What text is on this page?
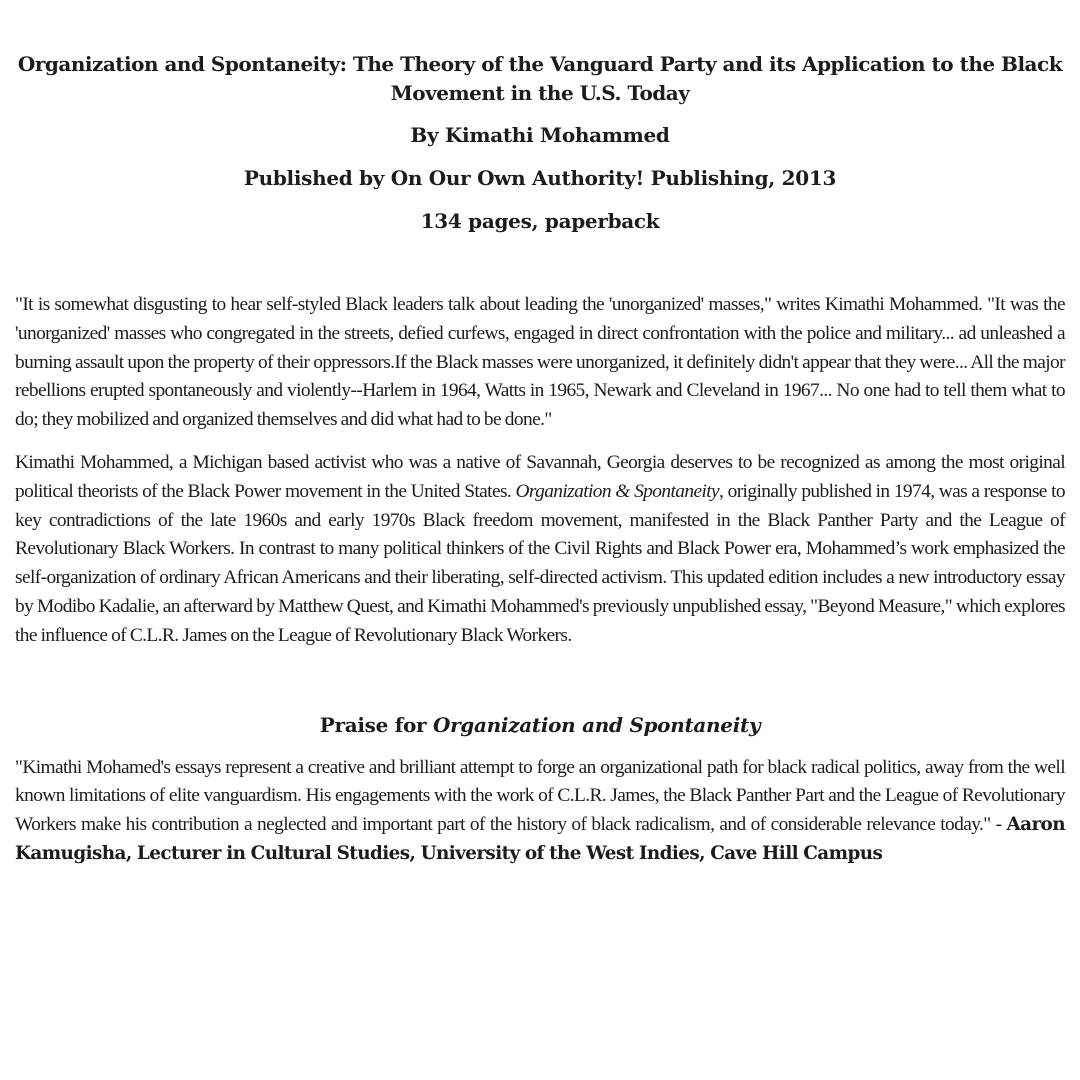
Organization and Spontaneity: The Theory of the Vanguard Party and its Application to the Black Movement in the U.S. Today

By Kimathi Mohammed

Published by On Our Own Authority! Publishing, 2013

134 pages, paperback

"It is somewhat disgusting to hear self-styled Black leaders talk about leading the 'unorganized' masses," writes Kimathi Mohammed. "It was the 'unorganized' masses who congregated in the streets, defied curfews, engaged in direct confrontation with the police and military... ad unleashed a burning assault upon the property of their oppressors.If the Black masses were unorganized, it definitely didn't appear that they were... All the major rebellions erupted spontaneously and violently--Harlem in 1964, Watts in 1965, Newark and Cleveland in 1967... No one had to tell them what to do; they mobilized and organized themselves and did what had to be done."

Kimathi Mohammed, a Michigan based activist who was a native of Savannah, Georgia deserves to be recognized as among the most original political theorists of the Black Power movement in the United States. Organization & Spontaneity, originally published in 1974, was a response to key contradictions of the late 1960s and early 1970s Black freedom movement, manifested in the Black Panther Party and the League of Revolutionary Black Workers. In contrast to many political thinkers of the Civil Rights and Black Power era, Mohammed’s work emphasized the self-organization of ordinary African Americans and their liberating, self-directed activism. This updated edition includes a new introductory essay by Modibo Kadalie, an afterward by Matthew Quest, and Kimathi Mohammed's previously unpublished essay, "Beyond Measure," which explores the influence of C.L.R. James on the League of Revolutionary Black Workers.

Praise for Organization and Spontaneity

"Kimathi Mohamed's essays represent a creative and brilliant attempt to forge an organizational path for black radical politics, away from the well known limitations of elite vanguardism. His engagements with the work of C.L.R. James, the Black Panther Part and the League of Revolutionary Workers make his contribution a neglected and important part of the history of black radicalism, and of considerable relevance today." - Aaron Kamugisha, Lecturer in Cultural Studies, University of the West Indies, Cave Hill Campus
